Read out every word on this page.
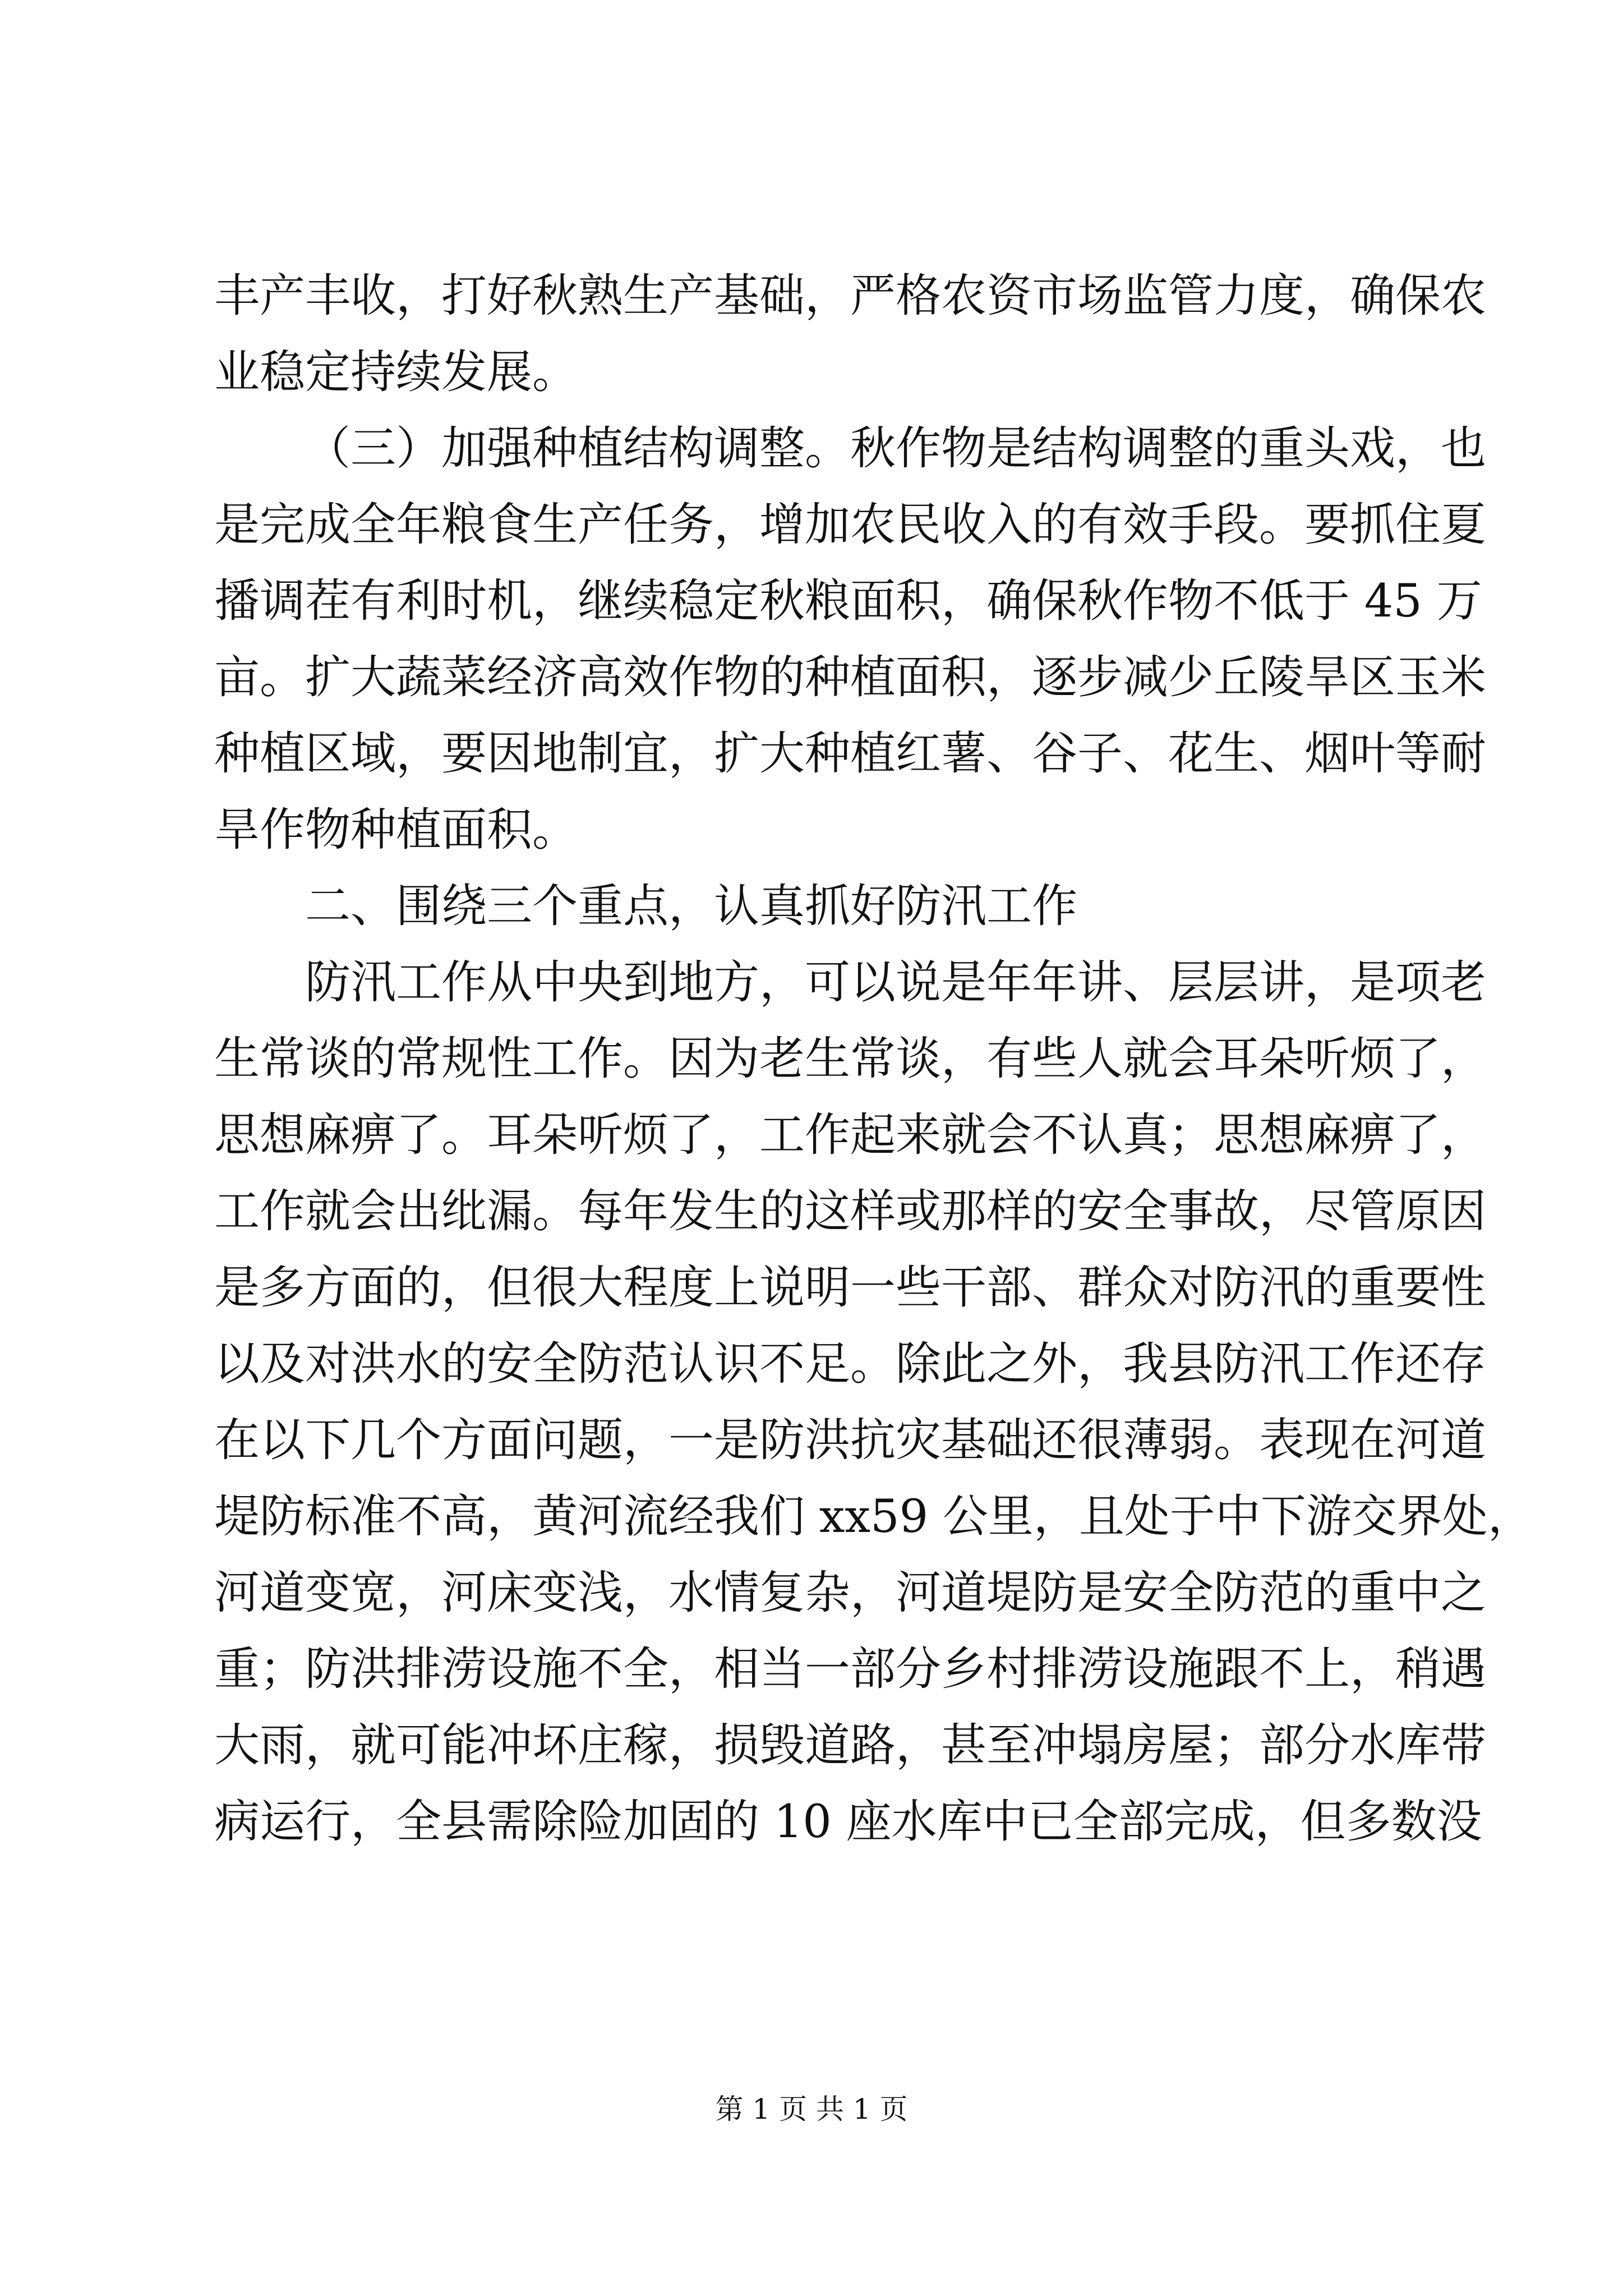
丰产丰收，打好秋熟生产基础，严格农资市场监管力度，确保农
业稳定持续发展。
（三）加强种植结构调整。秋作物是结构调整的重头戏，也
是完成全年粮食生产任务，增加农民收入的有效手段。要抓住夏
播调茬有利时机，继续稳定秋粮面积，确保秋作物不低于 45 万
亩。扩大蔬菜经济高效作物的种植面积，逐步减少丘陵旱区玉米
种植区域，要因地制宜，扩大种植红薯、谷子、花生、烟叶等耐
旱作物种植面积。
二、围绕三个重点，认真抓好防汛工作
防汛工作从中央到地方，可以说是年年讲、层层讲，是项老
生常谈的常规性工作。因为老生常谈，有些人就会耳朵听烦了，
思想麻痹了。耳朵听烦了，工作起来就会不认真；思想麻痹了，
工作就会出纰漏。每年发生的这样或那样的安全事故，尽管原因
是多方面的，但很大程度上说明一些干部、群众对防汛的重要性
以及对洪水的安全防范认识不足。除此之外，我县防汛工作还存
在以下几个方面问题，一是防洪抗灾基础还很薄弱。表现在河道
堤防标准不高，黄河流经我们 xx59 公里，且处于中下游交界处，
河道变宽，河床变浅，水情复杂，河道堤防是安全防范的重中之
重；防洪排涝设施不全，相当一部分乡村排涝设施跟不上，稍遇
大雨，就可能冲坏庄稼，损毁道路，甚至冲塌房屋；部分水库带
病运行，全县需除险加固的 10 座水库中已全部完成，但多数没
第 1 页 共 1 页
